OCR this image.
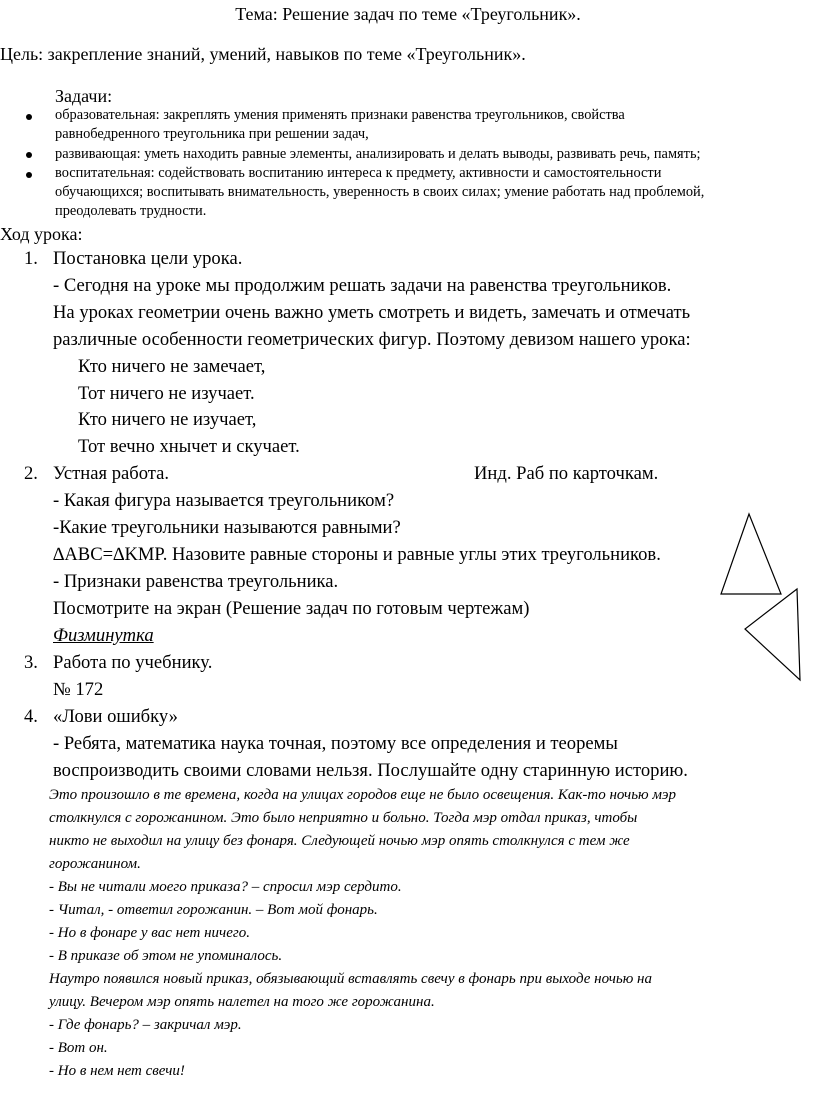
Тема: Решение задач по теме «Треугольник».
Цель: закрепление знаний, умений, навыков по теме «Треугольник».
Задачи:
образовательная: закреплять умения применять признаки равенства треугольников, свойства
равнобедренного треугольника при решении задач,
развивающая: уметь находить равные элементы, анализировать и делать выводы, развивать речь, память;
воспитательная: содействовать воспитанию интереса к предмету, активности и самостоятельности
обучающихся; воспитывать внимательность, уверенность в своих силах; умение работать над проблемой,
преодолевать трудности.
Ход урока:
1. Постановка цели урока.
- Сегодня на уроке мы продолжим решать задачи на равенства треугольников.
На уроках геометрии очень важно уметь смотреть и видеть, замечать и отмечать
различные особенности геометрических фигур. Поэтому девизом нашего урока:
Кто ничего не замечает,
Тот ничего не изучает.
Кто ничего не изучает,
Тот вечно хнычет и скучает.
2. Устная работа.	Инд. Раб по карточкам.
- Какая фигура называется треугольником?
-Какие треугольники называются равными?
∆ABC=∆KMP. Назовите равные стороны и равные углы этих треугольников.
- Признаки равенства треугольника.
Посмотрите на экран (Решение задач по готовым чертежам)
Физминутка
3. Работа по учебнику.
№ 172
4. «Лови ошибку»
- Ребята, математика наука точная, поэтому все определения и теоремы
воспроизводить своими словами нельзя. Послушайте одну старинную историю.
Это произошло в те времена, когда на улицах городов еще не было освещения. Как-то ночью мэр
столкнулся с горожанином. Это было неприятно и больно. Тогда мэр отдал приказ, чтобы
никто не выходил на улицу без фонаря. Следующей ночью мэр опять столкнулся с тем же
горожанином.
- Вы не читали моего приказа? – спросил мэр сердито.
- Читал, - ответил горожанин. – Вот мой фонарь.
- Но в фонаре у вас нет ничего.
- В приказе об этом не упоминалось.
Наутро появился новый приказ, обязывающий вставлять свечу в фонарь при выходе ночью на
улицу. Вечером мэр опять налетел на того же горожанина.
- Где фонарь? – закричал мэр.
- Вот он.
- Но в нем нет свечи!
